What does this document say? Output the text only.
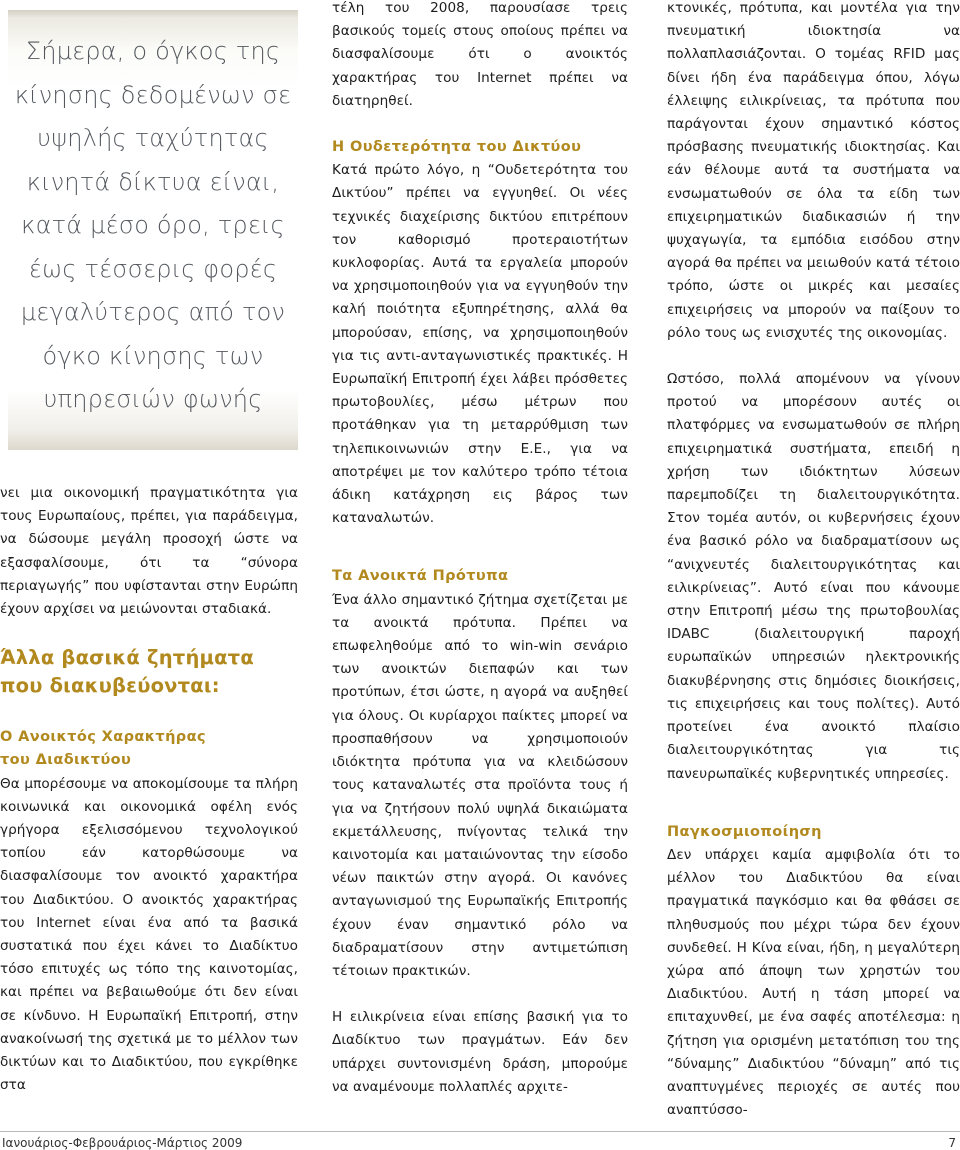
Σήμερα, ο όγκος της κίνησης δεδομένων σε υψηλής ταχύτητας κινητά δίκτυα είναι, κατά μέσο όρο, τρεις έως τέσσερις φορές μεγαλύτερος από τον όγκο κίνησης των υπηρεσιών φωνής

νει μια οικονομική πραγματικότητα για τους Ευρωπαίους, πρέπει, για παράδειγμα, να δώσουμε μεγάλη προσοχή ώστε να εξασφαλίσουμε, ότι τα “σύνορα περιαγωγής” που υφίστανται στην Ευρώπη έχουν αρχίσει να μειώνονται σταδιακά.

Άλλα βασικά ζητήματα που διακυβεύονται:

Ο Ανοικτός Χαρακτήρας του Διαδικτύου

Θα μπορέσουμε να αποκομίσουμε τα πλήρη κοινωνικά και οικονομικά οφέλη ενός γρήγορα εξελισσόμενου τεχνολογικού τοπίου εάν κατορθώσουμε να διασφαλίσουμε τον ανοικτό χαρακτήρα του Διαδικτύου. Ο ανοικτός χαρακτήρας του Internet είναι ένα από τα βασικά συστατικά που έχει κάνει το Διαδίκτυο τόσο επιτυχές ως τόπο της καινοτομίας, και πρέπει να βεβαιωθούμε ότι δεν είναι σε κίνδυνο. Η Ευρωπαϊκή Επιτροπή, στην ανακοίνωσή της σχετικά με το μέλλον των δικτύων και το Διαδικτύου, που εγκρίθηκε στα

τέλη του 2008, παρουσίασε τρεις βασικούς τομείς στους οποίους πρέπει να διασφαλίσουμε ότι ο ανοικτός χαρακτήρας του Internet πρέπει να διατηρηθεί.

Η Ουδετερότητα του Δικτύου

Κατά πρώτο λόγο, η “Ουδετερότητα του Δικτύου” πρέπει να εγγυηθεί. Οι νέες τεχνικές διαχείρισης δικτύου επιτρέπουν τον καθορισμό προτεραιοτήτων κυκλοφορίας. Αυτά τα εργαλεία μπορούν να χρησιμοποιηθούν για να εγγυηθούν την καλή ποιότητα εξυπηρέτησης, αλλά θα μπορούσαν, επίσης, να χρησιμοποιηθούν για τις αντι-ανταγωνιστικές πρακτικές. Η Ευρωπαϊκή Επιτροπή έχει λάβει πρόσθετες πρωτοβουλίες, μέσω μέτρων που προτάθηκαν για τη μεταρρύθμιση των τηλεπικοινωνιών στην Ε.Ε., για να αποτρέψει με τον καλύτερο τρόπο τέτοια άδικη κατάχρηση εις βάρος των καταναλωτών.

Τα Ανοικτά Πρότυπα

Ένα άλλο σημαντικό ζήτημα σχετίζεται με τα ανοικτά πρότυπα. Πρέπει να επωφεληθούμε από το win-win σενάριο των ανοικτών διεπαφών και των προτύπων, έτσι ώστε, η αγορά να αυξηθεί για όλους. Οι κυρίαρχοι παίκτες μπορεί να προσπαθήσουν να χρησιμοποιούν ιδιόκτητα πρότυπα για να κλειδώσουν τους καταναλωτές στα προϊόντα τους ή για να ζητήσουν πολύ υψηλά δικαιώματα εκμετάλλευσης, πνίγοντας τελικά την καινοτομία και ματαιώνοντας την είσοδο νέων παικτών στην αγορά. Οι κανόνες ανταγωνισμού της Ευρωπαϊκής Επιτροπής έχουν έναν σημαντικό ρόλο να διαδραματίσουν στην αντιμετώπιση τέτοιων πρακτικών.

Η ειλικρίνεια είναι επίσης βασική για το Διαδίκτυο των πραγμάτων. Εάν δεν υπάρχει συντονισμένη δράση, μπορούμε να αναμένουμε πολλαπλές αρχιτε-

κτονικές, πρότυπα, και μοντέλα για την πνευματική ιδιοκτησία να πολλαπλασιάζονται. Ο τομέας RFID μας δίνει ήδη ένα παράδειγμα όπου, λόγω έλλειψης ειλικρίνειας, τα πρότυπα που παράγονται έχουν σημαντικό κόστος πρόσβασης πνευματικής ιδιοκτησίας. Και εάν θέλουμε αυτά τα συστήματα να ενσωματωθούν σε όλα τα είδη των επιχειρηματικών διαδικασιών ή την ψυχαγωγία, τα εμπόδια εισόδου στην αγορά θα πρέπει να μειωθούν κατά τέτοιο τρόπο, ώστε οι μικρές και μεσαίες επιχειρήσεις να μπορούν να παίξουν το ρόλο τους ως ενισχυτές της οικονομίας.

Ωστόσο, πολλά απομένουν να γίνουν προτού να μπορέσουν αυτές οι πλατφόρμες να ενσωματωθούν σε πλήρη επιχειρηματικά συστήματα, επειδή η χρήση των ιδιόκτητων λύσεων παρεμποδίζει τη διαλειτουργικότητα. Στον τομέα αυτόν, οι κυβερνήσεις έχουν ένα βασικό ρόλο να διαδραματίσουν ως “ανιχνευτές διαλειτουργικότητας και ειλικρίνειας”. Αυτό είναι που κάνουμε στην Επιτροπή μέσω της πρωτοβουλίας IDABC (διαλειτουργική παροχή ευρωπαϊκών υπηρεσιών ηλεκτρονικής διακυβέρνησης στις δημόσιες διοικήσεις, τις επιχειρήσεις και τους πολίτες). Αυτό προτείνει ένα ανοικτό πλαίσιο διαλειτουργικότητας για τις πανευρωπαϊκές κυβερνητικές υπηρεσίες.

Παγκοσμιοποίηση

Δεν υπάρχει καμία αμφιβολία ότι το μέλλον του Διαδικτύου θα είναι πραγματικά παγκόσμιο και θα φθάσει σε πληθυσμούς που μέχρι τώρα δεν έχουν συνδεθεί. Η Κίνα είναι, ήδη, η μεγαλύτερη χώρα από άποψη των χρηστών του Διαδικτύου. Αυτή η τάση μπορεί να επιταχυνθεί, με ένα σαφές αποτέλεσμα: η ζήτηση για ορισμένη μετατόπιση του της “δύναμης” Διαδικτύου “δύναμη” από τις αναπτυγμένες περιοχές σε αυτές που αναπτύσσο-

Ιανουάριος-Φεβρουάριος-Μάρτιος 2009	7
